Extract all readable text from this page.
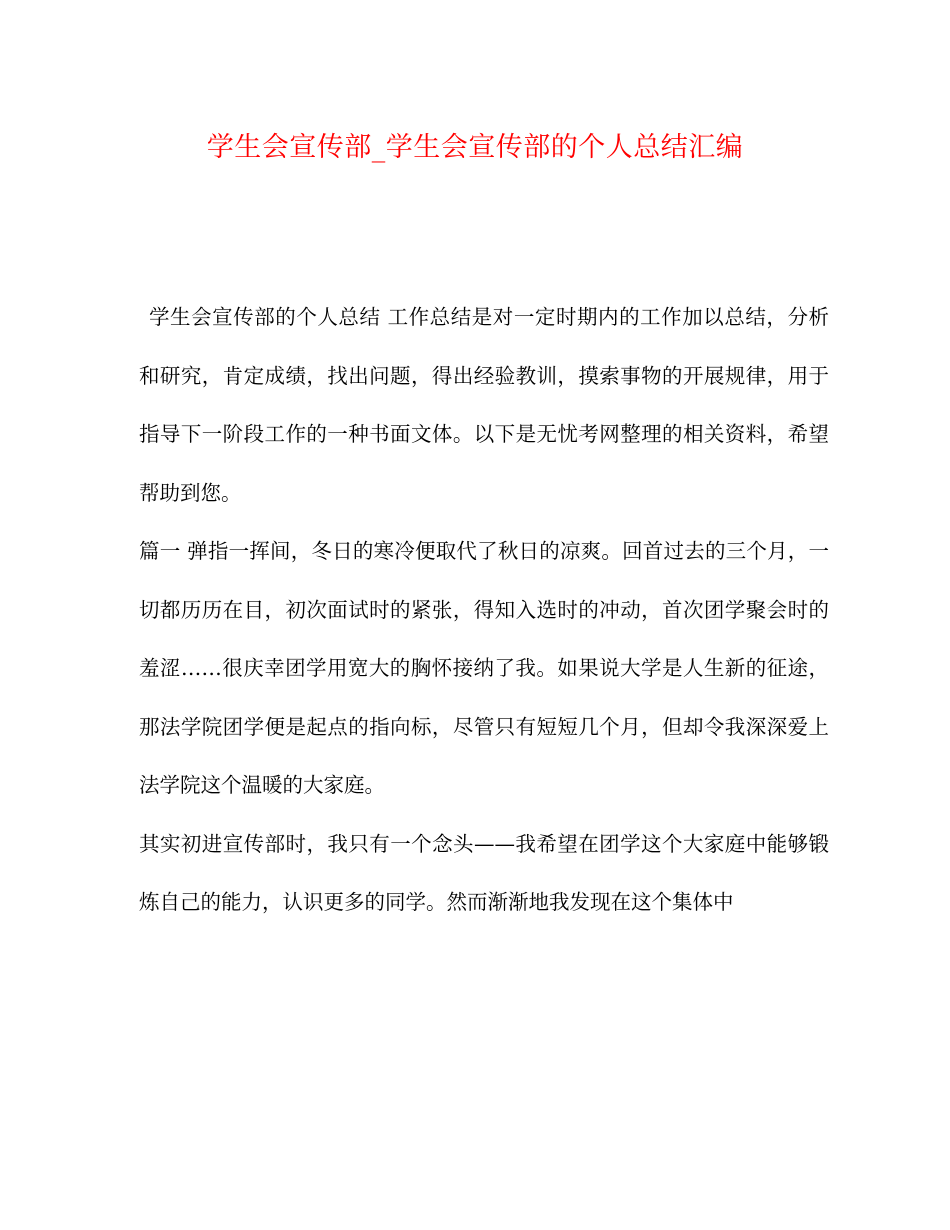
学生会宣传部_学生会宣传部的个人总结汇编

学生会宣传部的个人总结 工作总结是对一定时期内的工作加以总结，分析和研究，肯定成绩，找出问题，得出经验教训，摸索事物的开展规律，用于指导下一阶段工作的一种书面文体。以下是无忧考网整理的相关资料，希望帮助到您。

篇一 弹指一挥间，冬日的寒冷便取代了秋日的凉爽。回首过去的三个月，一切都历历在目，初次面试时的紧张，得知入选时的冲动，首次团学聚会时的羞涩……很庆幸团学用宽大的胸怀接纳了我。如果说大学是人生新的征途，那法学院团学便是起点的指向标，尽管只有短短几个月，但却令我深深爱上法学院这个温暖的大家庭。

其实初进宣传部时，我只有一个念头——我希望在团学这个大家庭中能够锻炼自己的能力，认识更多的同学。然而渐渐地我发现在这个集体中
